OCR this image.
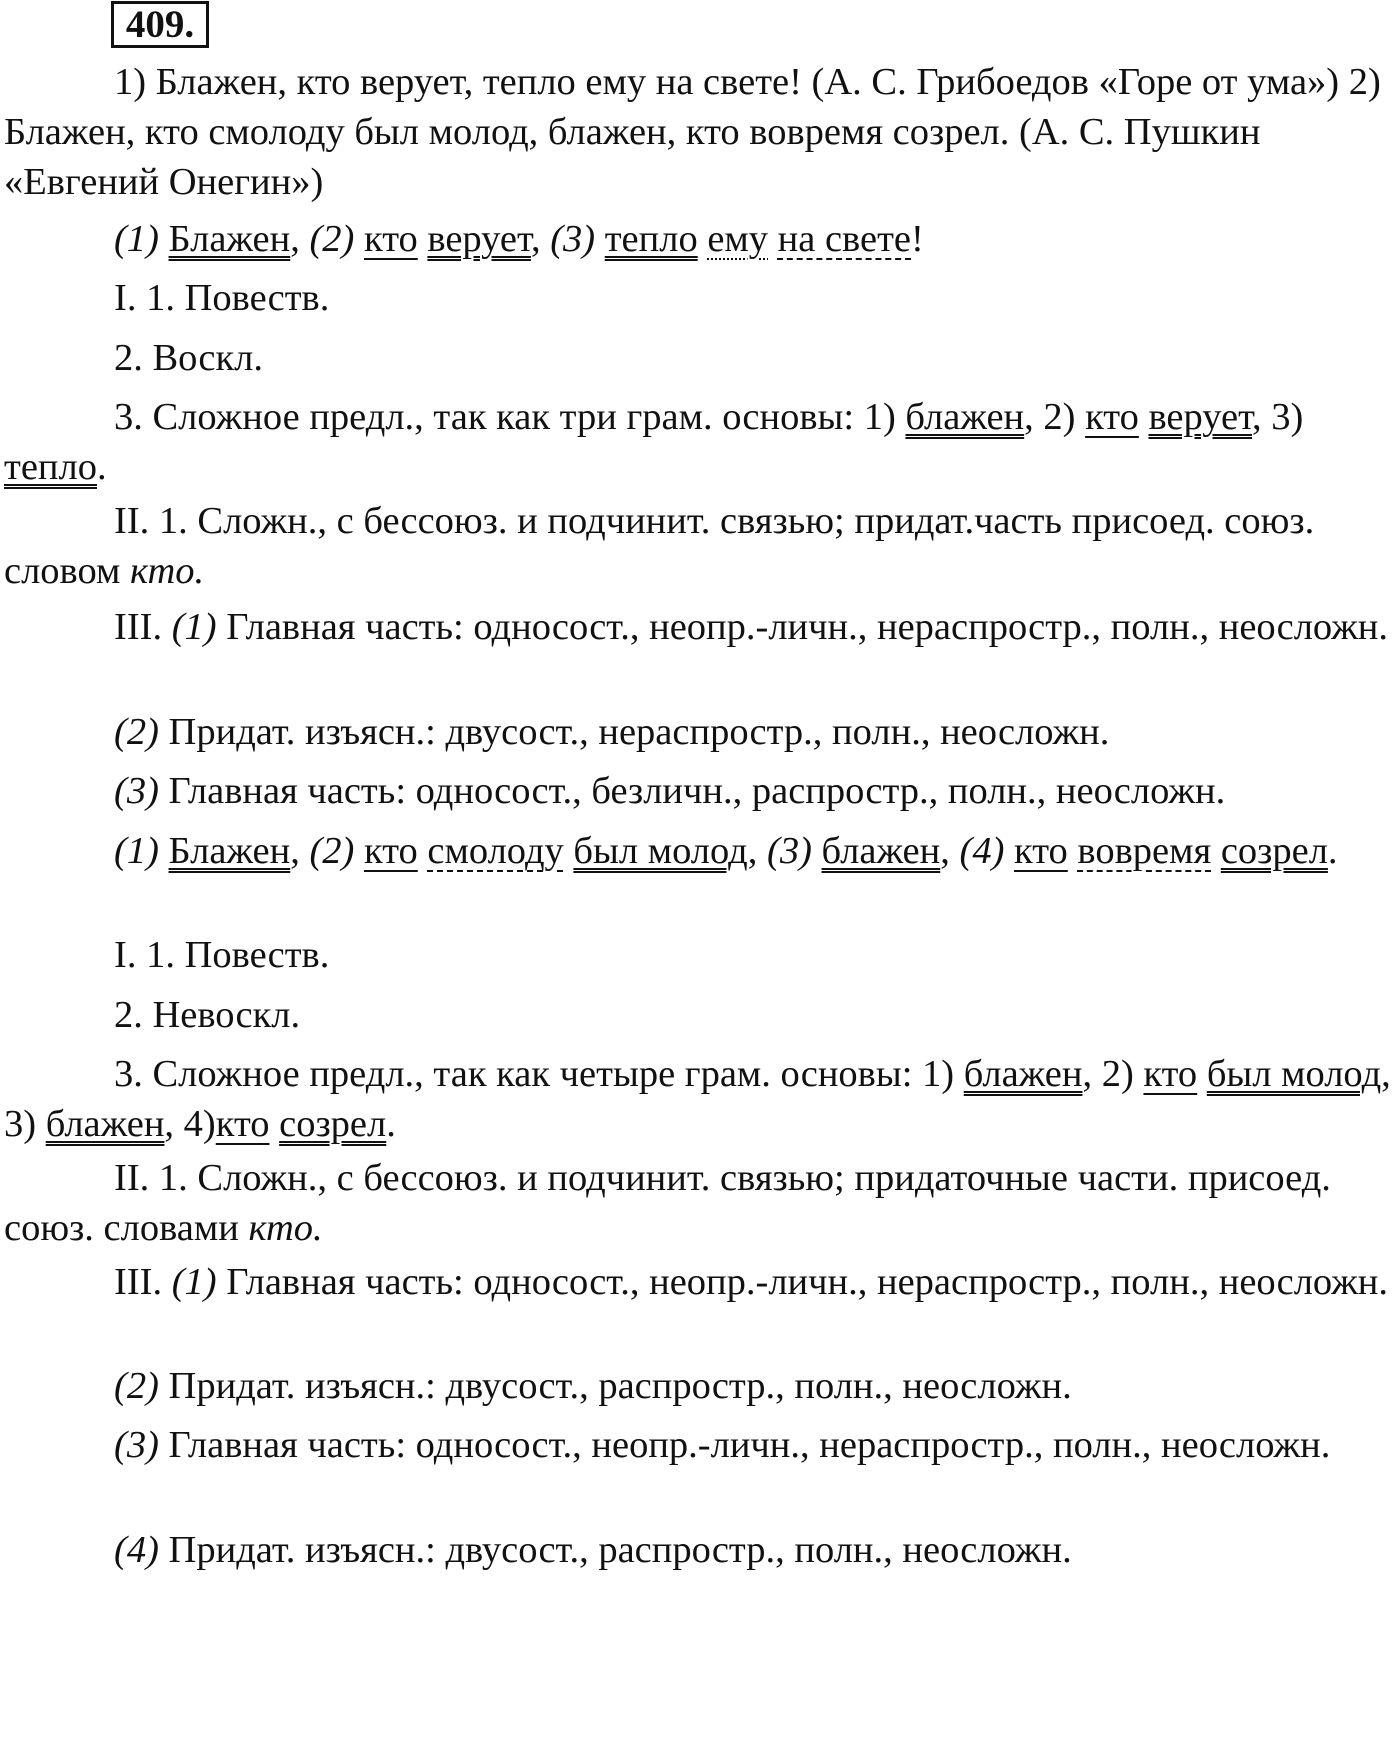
409.
1) Блажен, кто верует, тепло ему на свете! (А. С. Грибоедов «Горе от ума») 2) Блажен, кто смолоду был молод, блажен, кто вовремя созрел. (А. С. Пушкин «Евгений Онегин»)
(1) Блажен, (2) кто верует, (3) тепло ему на свете!
I. 1. Повеств.
2. Воскл.
3. Сложное предл., так как три грам. основы: 1) блажен, 2) кто верует, 3) тепло.
II. 1. Сложн., с бессоюз. и подчинит. связью; придат.часть присоед. союз. словом кто.
III. (1) Главная часть: односост., неопр.-личн., нераспростр., полн., неосложн.
(2) Придат. изъясн.: двусост., нераспростр., полн., неосложн.
(3) Главная часть: односост., безличн., распростр., полн., неосложн.
(1) Блажен, (2) кто смолоду был молод, (3) блажен, (4) кто вовремя созрел.
I. 1. Повеств.
2. Невоскл.
3. Сложное предл., так как четыре грам. основы: 1) блажен, 2) кто был молод, 3) блажен, 4)кто созрел.
II. 1. Сложн., с бессоюз. и подчинит. связью; придаточные части. присоед. союз. словами кто.
III. (1) Главная часть: односост., неопр.-личн., нераспростр., полн., неосложн.
(2) Придат. изъясн.: двусост., распростр., полн., неосложн.
(3) Главная часть: односост., неопр.-личн., нераспростр., полн., неосложн.
(4) Придат. изъясн.: двусост., распростр., полн., неосложн.
